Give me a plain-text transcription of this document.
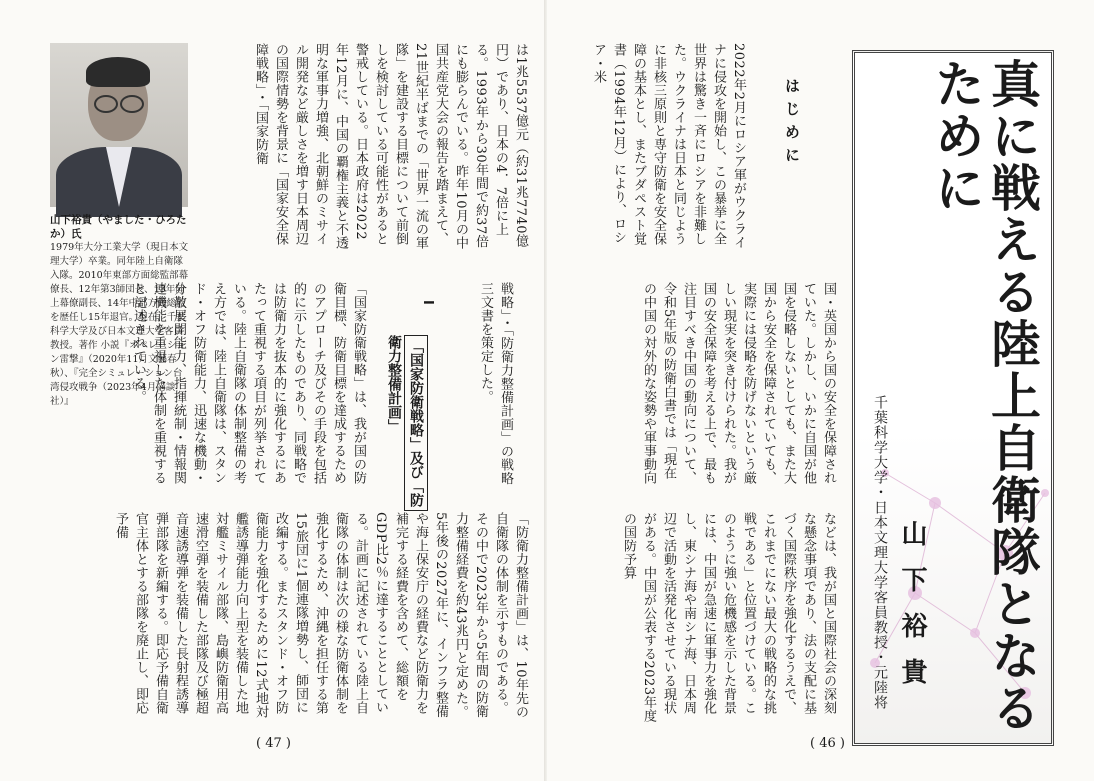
山下裕貴（やました・ひろたか）氏
1979年大分工業大学（現日本文理大学）卒業。同年陸上自衛隊入隊。2010年東部方面総監部幕僚長、12年第3師団長、13年陸上幕僚副長、14年中部方面総監を歴任し15年退官。現在、千葉科学大学及び日本文理大学客員教授。著作 小説『オペレーション雷撃』（2020年11月文藝春秋）、『完全シミュレーション台湾侵攻戦争（2023年4月講談社）』
は1兆5537億元（約31兆7740億円）であり、日本の4．7倍に上る。1993年から30年間で約37倍にも膨らんでいる。昨年10月の中国共産党大会の報告を踏まえて、21世紀半ばまでの「世界一流の軍隊」を建設する目標について前倒しを検討している可能性があると警戒している。日本政府は2022年12月に、中国の覇権主義と不透明な軍事力増強、北朝鮮のミサイル開発など厳しさを増す日本周辺の国際情勢を背景に「国家安全保障戦略」・「国家防衛
戦略」・「防衛力整備計画」の戦略三文書を策定した。
I
「国家防衛戦略」及び「防
衛力整備計画」
「国家防衛戦略」は、我が国の防衛目標、防衛目標を達成するためのアプローチ及びその手段を包括的に示したものであり、同戦略では防衛力を抜本的に強化するにあたって重視する項目が列挙されている。陸上自衛隊の体制整備の考え方では、陸上自衛隊は、スタンド・オフ防衛能力、迅速な機動・分散展開能力、指揮統制・情報関連機能を重視した体制を重視すると記述されている。
「防衛力整備計画」は、10年先の自衛隊の体制を示すものである。その中で2023年から5年間の防衛力整備経費を約43兆円と定めた。5年後の2027年に、インフラ整備や海上保安庁の経費など防衛力を補完する経費を含めて、総額をGDP比2％に達することとしている。計画に記述されている陸上自衛隊の体制は次の様な防衛体制を強化するため、沖縄を担任する第15旅団に1個連隊増勢し、師団に改編する。またスタンド・オフ防衛能力を強化するために12式地対艦誘導弾能力向上型を装備した地対艦ミサイル部隊、島嶼防衛用高速滑空弾を装備した部隊及び極超音速誘導弾を装備した長射程誘導弾部隊を新編する。即応予備自衛官主体とする部隊を廃止し、即応予備
( 47 )
2022年2月にロシア軍がウクライナに侵攻を開始し、この暴挙に全世界は驚き一斉にロシアを非難した。ウクライナは日本と同じように非核三原則と専守防衛を安全保障の基本とし、またブダペスト覚書（1994年12月）により、ロシア・米
はじめに
国・英国から国の安全を保障されていた。しかし、いかに自国が他国を侵略しないとしても、また大国から安全を保障されていても、実際には侵略を防げないという厳しい現実を突き付けられた。我が国の安全保障を考える上で、最も注目すべき中国の動向について、令和5年版の防衛白書では「現在の中国の対外的な姿勢や軍事動向
などは、我が国と国際社会の深刻な懸念事項であり、法の支配に基づく国際秩序を強化するうえで、これまでにない最大の戦略的な挑戦である」と位置づけている。このように強い危機感を示した背景には、中国が急速に軍事力を強化し、東シナ海や南シナ海、日本周辺で活動を活発化させている現状がある。中国が公表する2023年度の国防予算	真に戦える陸上自衛隊となるために
千葉科学大学・日本文理大学客員教授・元陸将 山下裕貴
( 46 )
